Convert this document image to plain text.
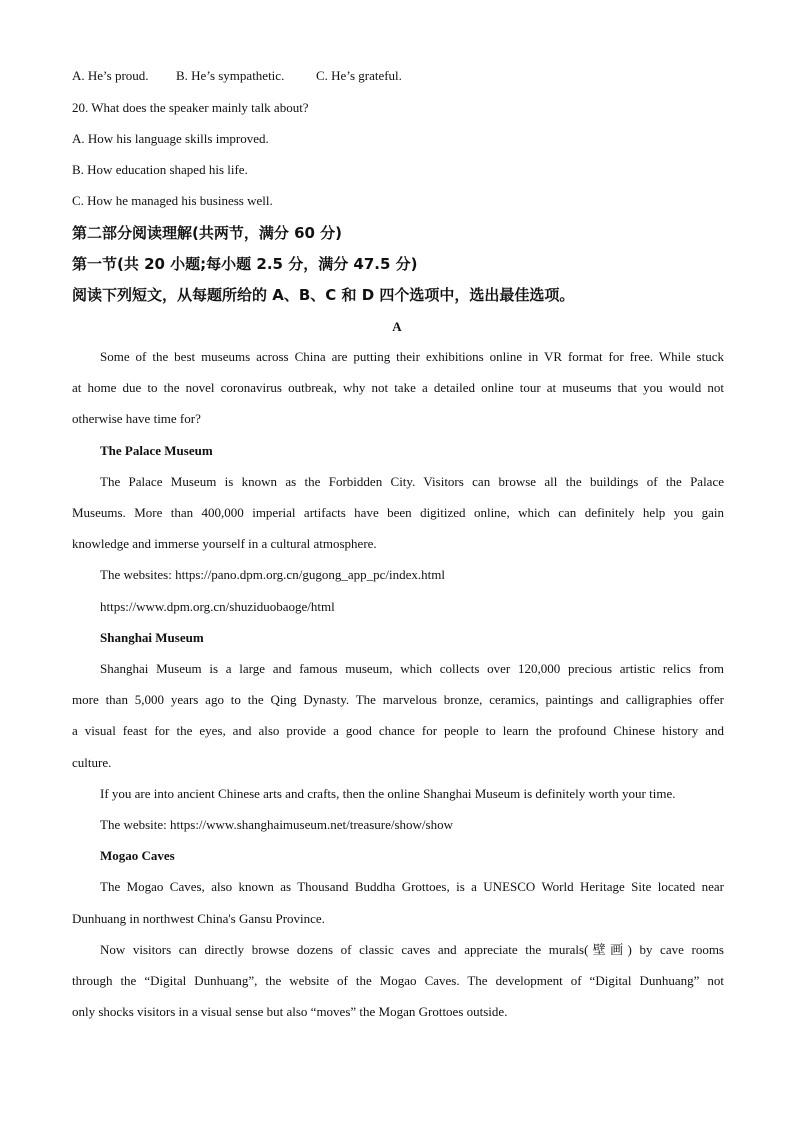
A. He’s proud. B. He’s sympathetic. C. He’s grateful.
20. What does the speaker mainly talk about?
A. How his language skills improved.
B. How education shaped his life.
C. How he managed his business well.
第二部分阅读理解(共两节，满分 60 分)
第一节(共 20 小题;每小题 2.5 分，满分 47.5 分)
阅读下列短文，从每题所给的 A、B、C 和 D 四个选项中，选出最佳选项。
A
Some of the best museums across China are putting their exhibitions online in VR format for free. While stuck
at home due to the novel coronavirus outbreak, why not take a detailed online tour at museums that you would not
otherwise have time for?
The Palace Museum
The Palace Museum is known as the Forbidden City. Visitors can browse all the buildings of the Palace
Museums. More than 400,000 imperial artifacts have been digitized online, which can definitely help you gain
knowledge and immerse yourself in a cultural atmosphere.
The websites: https://pano.dpm.org.cn/gugong_app_pc/index.html
https://www.dpm.org.cn/shuziduobaoge/html
Shanghai Museum
Shanghai Museum is a large and famous museum, which collects over 120,000 precious artistic relics from
more than 5,000 years ago to the Qing Dynasty. The marvelous bronze, ceramics, paintings and calligraphies offer
a visual feast for the eyes, and also provide a good chance for people to learn the profound Chinese history and
culture.
If you are into ancient Chinese arts and crafts, then the online Shanghai Museum is definitely worth your time.
The website: https://www.shanghaimuseum.net/treasure/show/show
Mogao Caves
The Mogao Caves, also known as Thousand Buddha Grottoes, is a UNESCO World Heritage Site located near
Dunhuang in northwest China's Gansu Province.
Now visitors can directly browse dozens of classic caves and appreciate the murals(壁画) by cave rooms
through the “Digital Dunhuang”, the website of the Mogao Caves. The development of “Digital Dunhuang” not
only shocks visitors in a visual sense but also “moves” the Mogan Grottoes outside.
